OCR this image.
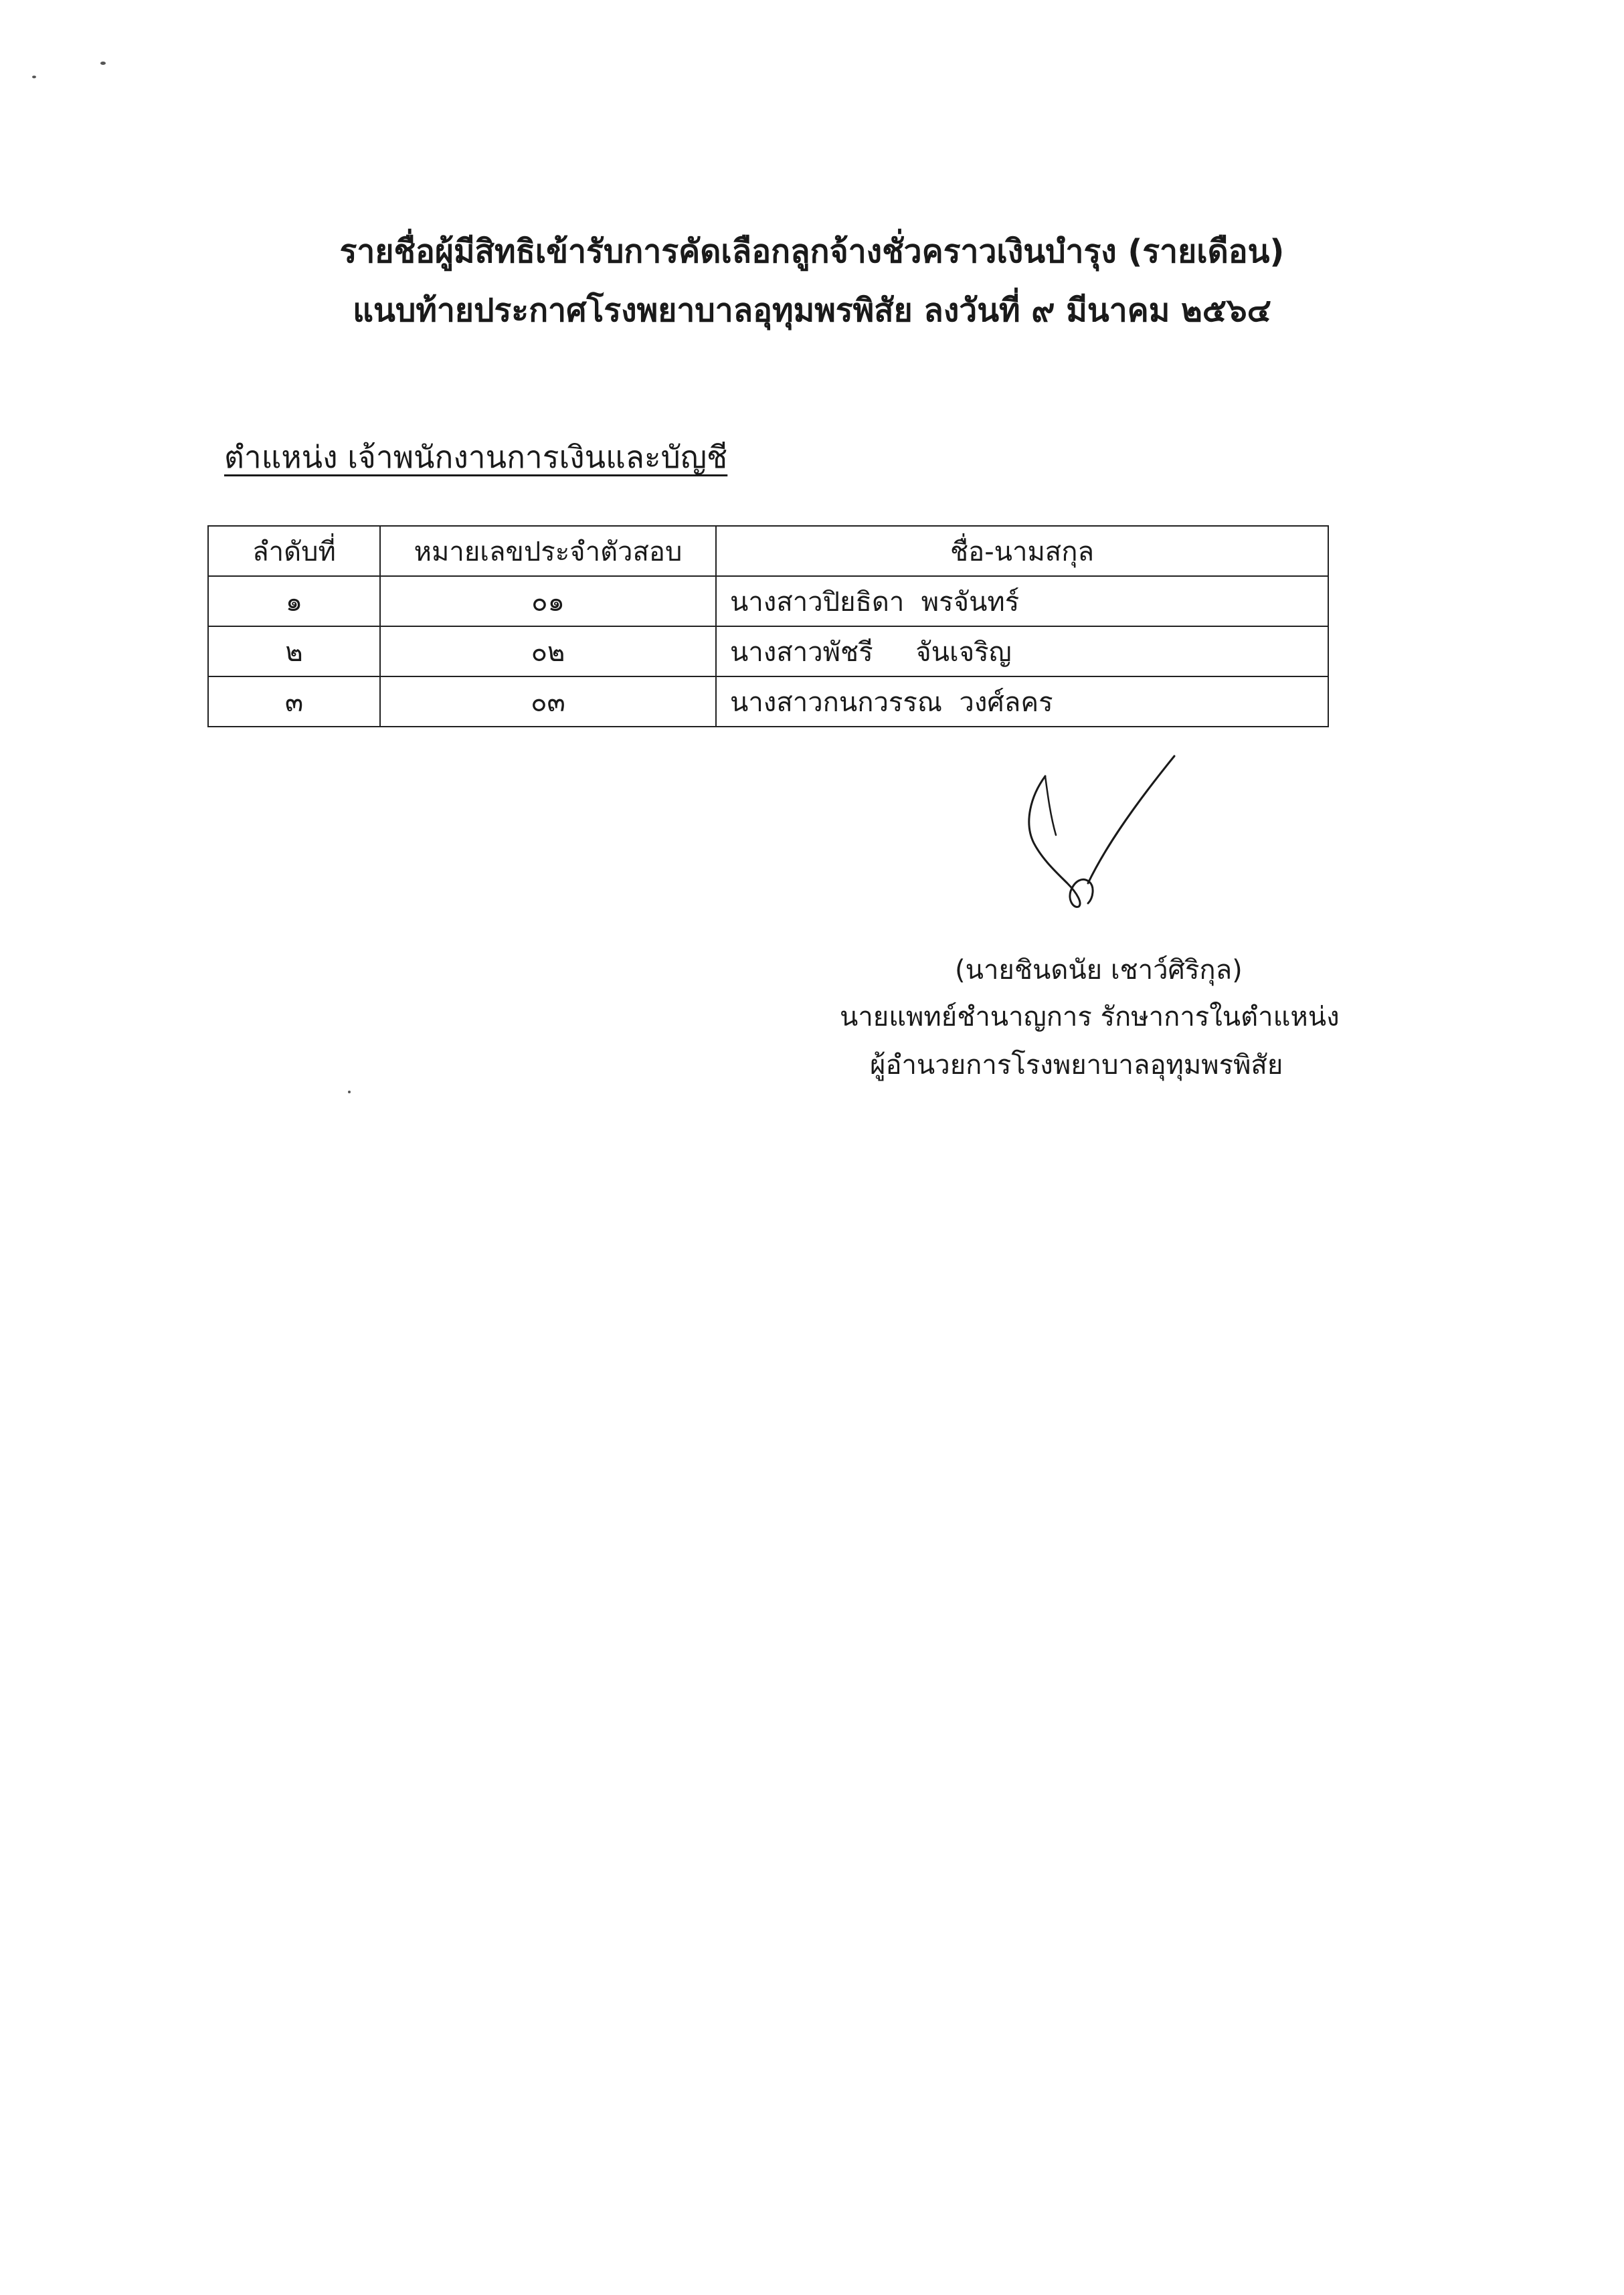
รายชื่อผู้มีสิทธิเข้ารับการคัดเลือกลูกจ้างชั่วคราวเงินบำรุง (รายเดือน)
แนบท้ายประกาศโรงพยาบาลอุทุมพรพิสัย ลงวันที่ ๙ มีนาคม ๒๕๖๔
ตำแหน่ง เจ้าพนักงานการเงินและบัญชี
ลำดับที่	หมายเลขประจำตัวสอบ	ชื่อ-นามสกุล
๑	๐๑	นางสาวปิยธิดา  พรจันทร์
๒	๐๒	นางสาวพัชรี     จันเจริญ
๓	๐๓	นางสาวกนกวรรณ  วงศ์ลคร
(นายชินดนัย เชาว์ศิริกุล)
นายแพทย์ชำนาญการ รักษาการในตำแหน่ง
ผู้อำนวยการโรงพยาบาลอุทุมพรพิสัย
